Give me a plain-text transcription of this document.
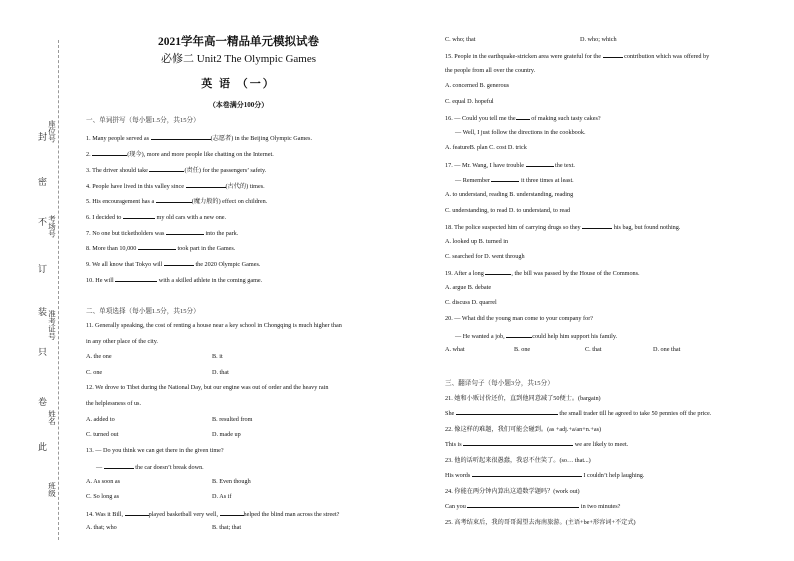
封
密
不
订
装
只
卷
此
座位号
考场号
准考证号
姓名
班级
2021学年高一精品单元模拟试卷
必修二 Unit2 The Olympic Games
英 语 （一）
（本卷满分100分）
一、单词拼写（每小题1.5分，共15分）
1. Many people served as	(志愿者) in the Beijing Olympic Games.
2.	(现今), more and more people like chatting on the Internet.
3. The driver should take	(责任) for the passengers’ safety.
4. People have lived in this valley since	(古代的) times.
5. His encouragement has a	(魔力般的) effect on children.
6. I decided to	my old cars with a new one.
7. No one but ticketholders was	into the park.
8. More than 10,000	took part in the Games.
9. We all know that Tokyo will	the 2020 Olympic Games.
10. He will	with a skilled athlete in the coming game.
二、单项选择（每小题1.5分，共15分）
11. Generally speaking, the cost of renting a house near a key school in Chongqing is much higher than
in any other place of the city.
A. the one	B. it
C. one	D. that
12. We drove to Tibet during the National Day, but our engine was out of order and the heavy rain
the helplessness of us.
A. added to	B. resulted from
C. turned out	D. made up
13. — Do you think we can get there in the given time?
—	the car doesn’t break down.
A. As soon as	B. Even though
C. So long as	D. As if
14. Was it Bill,	played basketball very well,	helped the blind man across the street?
A. that; who	B. that; that
C. who; that	D. who; which
15. People in the earthquake-stricken area were grateful for the	contribution which was offered by
the people from all over the country.
A. concerned B. generous
C. equal D. hopeful
16. — Could you tell me the of making such tasty cakes?
— Well, I just follow the directions in the cookbook.
A. featureB. plan C. cost D. trick
17. — Mr. Wang, I have trouble	the text.
— Remember	it three times at least.
A. to understand, reading B. understanding, reading
C. understanding, to read D. to understand, to read
18. The police suspected him of carrying drugs so they	his bag, but found nothing.
A. looked up B. turned in
C. searched for D. went through
19. After a long	, the bill was passed by the House of the Commons.
A. argue B. debate
C. discuss D. quarrel
20. — What did the young man come to your company for?
— He wanted a job,	could help him support his family.
A. what	B. one	C. that	D. one that
三、翻译句子（每小题3分，共15分）
21. 她和小贩讨价还价，直到他同意减了50便士。(bargain)
She	the small trader till he agreed to take 50 pennies off the price.
22. 像这样的难题，我们可能会碰到。(as +adj.+a/an+n.+as)
This is	we are likely to meet.
23. 他的话听起来很愚蠢，我忍不住笑了。(so… that...)
His words	I couldn’t help laughing.
24. 你能在两分钟内算出这道数学题吗？(work out)
Can you	in two minutes?
25. 高考结束后，我的哥哥渴望去海南旅游。(主语+be+形容词+不定式)
